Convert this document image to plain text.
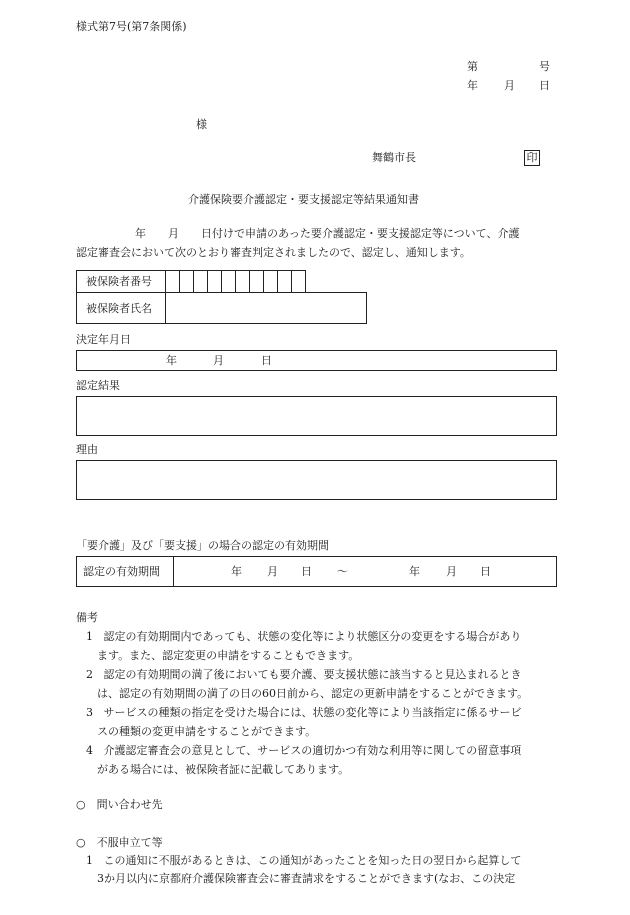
様式第7号(第7条関係)
第	号
年 月 日
様
舞鶴市長	印
介護保険要介護認定・要支援認定等結果通知書
年　　月　　日付けで申請のあった要介護認定・要支援認定等について、介護
認定審査会において次のとおり審査判定されましたので、認定し、通知します。
被保険者番号
被保険者氏名
決定年月日
年	月	日
認定結果
理由
「要介護」及び「要支援」の場合の認定の有効期間
認定の有効期間	年 月 日 〜	年 月 日
備考
1 認定の有効期間内であっても、状態の変化等により状態区分の変更をする場合があり
ます。また、認定変更の申請をすることもできます。
2 認定の有効期間の満了後においても要介護、要支援状態に該当すると見込まれるとき
は、認定の有効期間の満了の日の60日前から、認定の更新申請をすることができます。
3 サービスの種類の指定を受けた場合には、状態の変化等により当該指定に係るサービ
スの種類の変更申請をすることができます。
4 介護認定審査会の意見として、サービスの適切かつ有効な利用等に関しての留意事項
がある場合には、被保険者証に記載してあります。
○　問い合わせ先
○　不服申立て等
1 この通知に不服があるときは、この通知があったことを知った日の翌日から起算して
3か月以内に京都府介護保険審査会に審査請求をすることができます(なお、この決定
